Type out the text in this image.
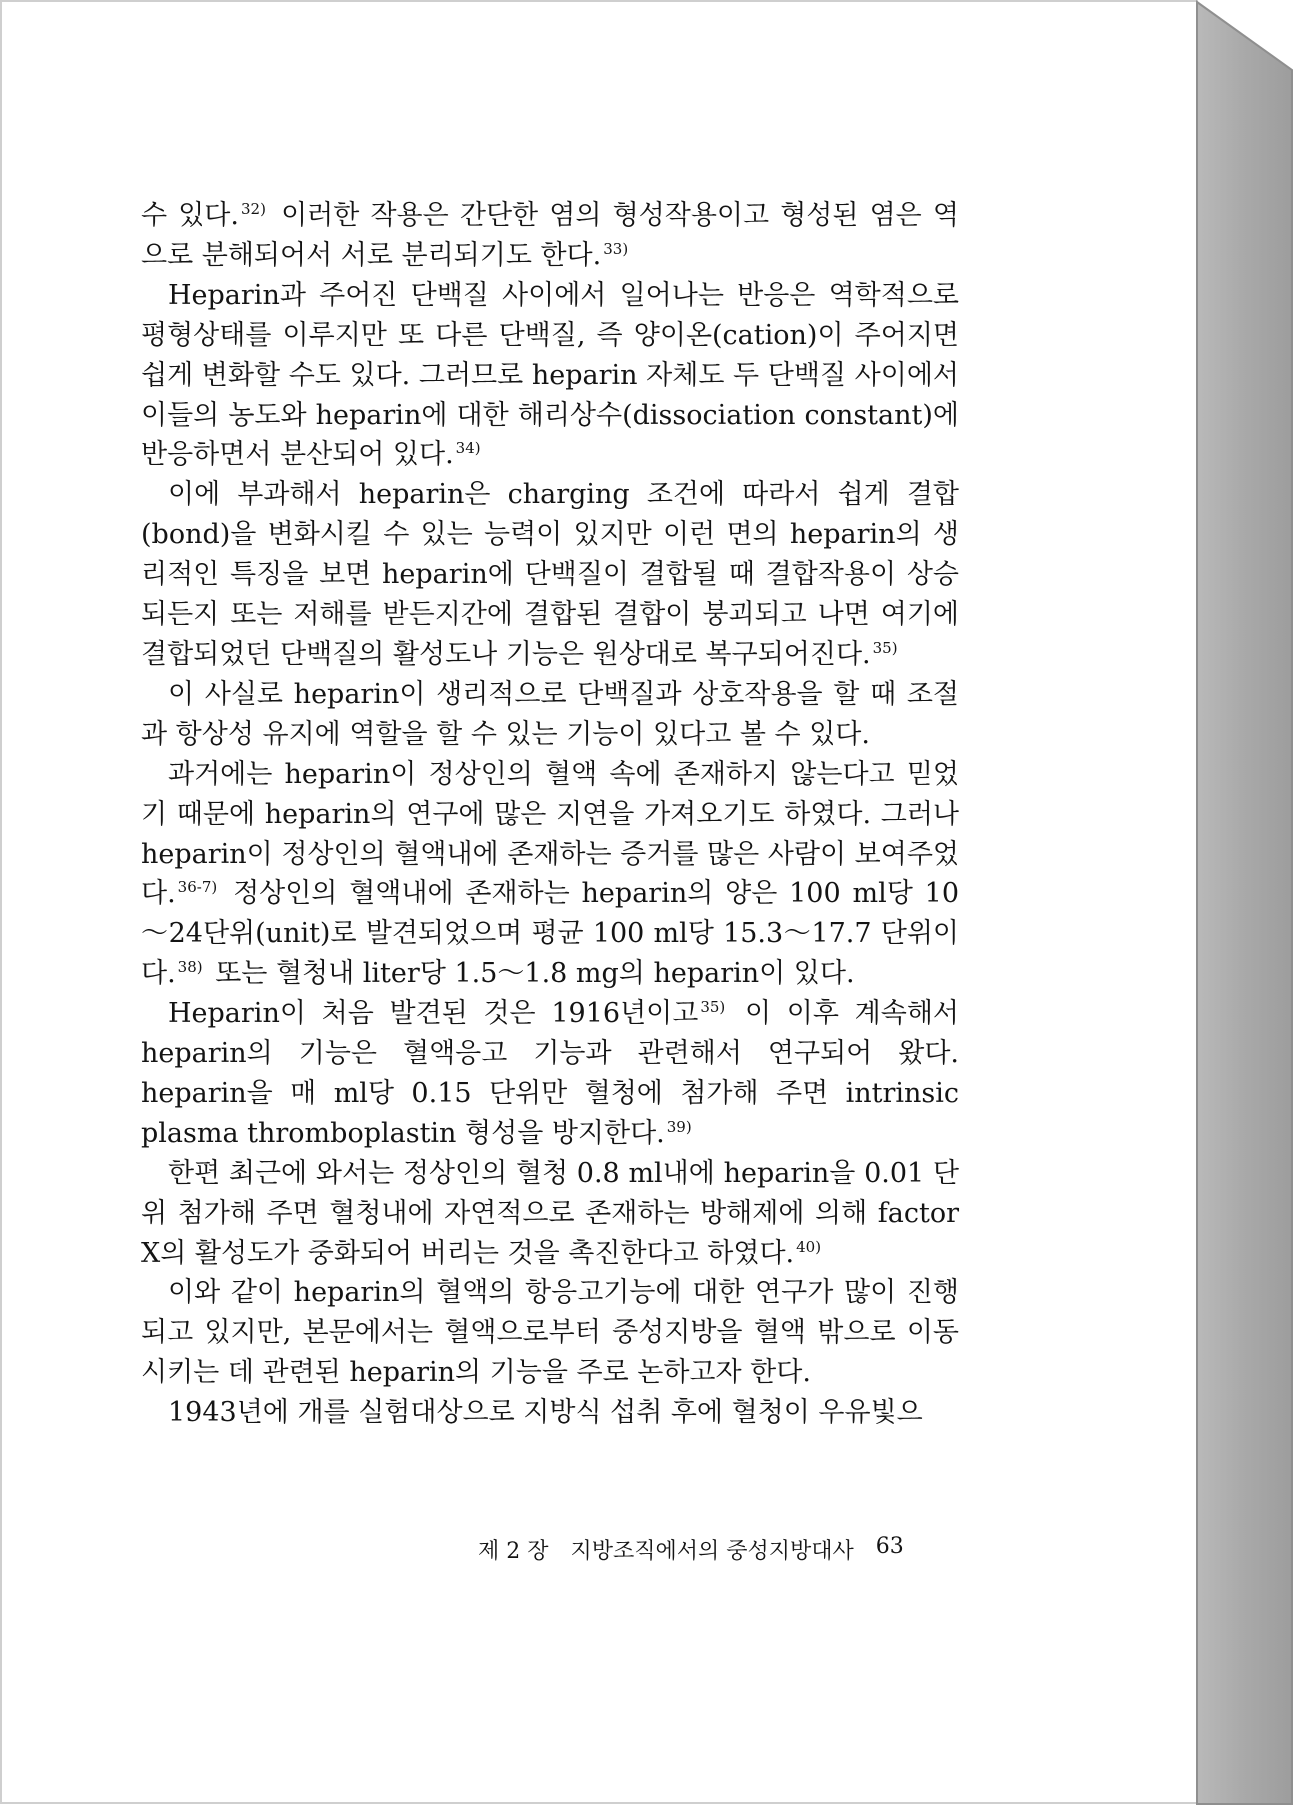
수 있다. $^{32)}$ 이러한 작용은 간단한 염의 형성작용이고 형성된 염은 역으로 분해되어서 서로 분리되기도 한다. $^{33)}$

Heparin과 주어진 단백질 사이에서 일어나는 반응은 역학적으로 평형상태를 이루지만 또 다른 단백질, 즉 양이온(cation)이 주어지면 쉽게 변화할 수도 있다. 그러므로 heparin 자체도 두 단백질 사이에서 이들의 농도와 heparin에 대한 해리상수(dissociation constant)에 반응하면서 분산되어 있다. $^{34)}$

이에 부과해서 heparin은 charging 조건에 따라서 쉽게 결합(bond)을 변화시킬 수 있는 능력이 있지만 이런 면의 heparin의 생리적인 특징을 보면 heparin에 단백질이 결합될 때 결합작용이 상승되든지 또는 저해를 받든지간에 결합된 결합이 붕괴되고 나면 여기에 결합되었던 단백질의 활성도나 기능은 원상대로 복구되어진다. $^{35)}$

이 사실로 heparin이 생리적으로 단백질과 상호작용을 할 때 조절과 항상성 유지에 역할을 할 수 있는 기능이 있다고 볼 수 있다.

과거에는 heparin이 정상인의 혈액 속에 존재하지 않는다고 믿었기 때문에 heparin의 연구에 많은 지연을 가져오기도 하였다. 그러나 heparin이 정상인의 혈액내에 존재하는 증거를 많은 사람이 보여주었다. $^{36-7)}$ 정상인의 혈액내에 존재하는 heparin의 양은 100 ml당 10～24단위(unit)로 발견되었으며 평균 100 ml당 15.3～17.7 단위이다. $^{38)}$ 또는 혈청내 liter당 1.5～1.8 mg의 heparin이 있다.

Heparin이 처음 발견된 것은 1916년이고 $^{35)}$ 이 이후 계속해서 heparin의 기능은 혈액응고 기능과 관련해서 연구되어 왔다. heparin을 매 ml당 0.15 단위만 혈청에 첨가해 주면 intrinsic plasma thromboplastin 형성을 방지한다. $^{39)}$

한편 최근에 와서는 정상인의 혈청 0.8 ml내에 heparin을 0.01 단위 첨가해 주면 혈청내에 자연적으로 존재하는 방해제에 의해 factor X의 활성도가 중화되어 버리는 것을 촉진한다고 하였다. $^{40)}$

이와 같이 heparin의 혈액의 항응고기능에 대한 연구가 많이 진행되고 있지만, 본문에서는 혈액으로부터 중성지방을 혈액 밖으로 이동시키는 데 관련된 heparin의 기능을 주로 논하고자 한다.

1943년에 개를 실험대상으로 지방식 섭취 후에 혈청이 우유빛으

제 2 장 지방조직에서의 중성지방대사 63
